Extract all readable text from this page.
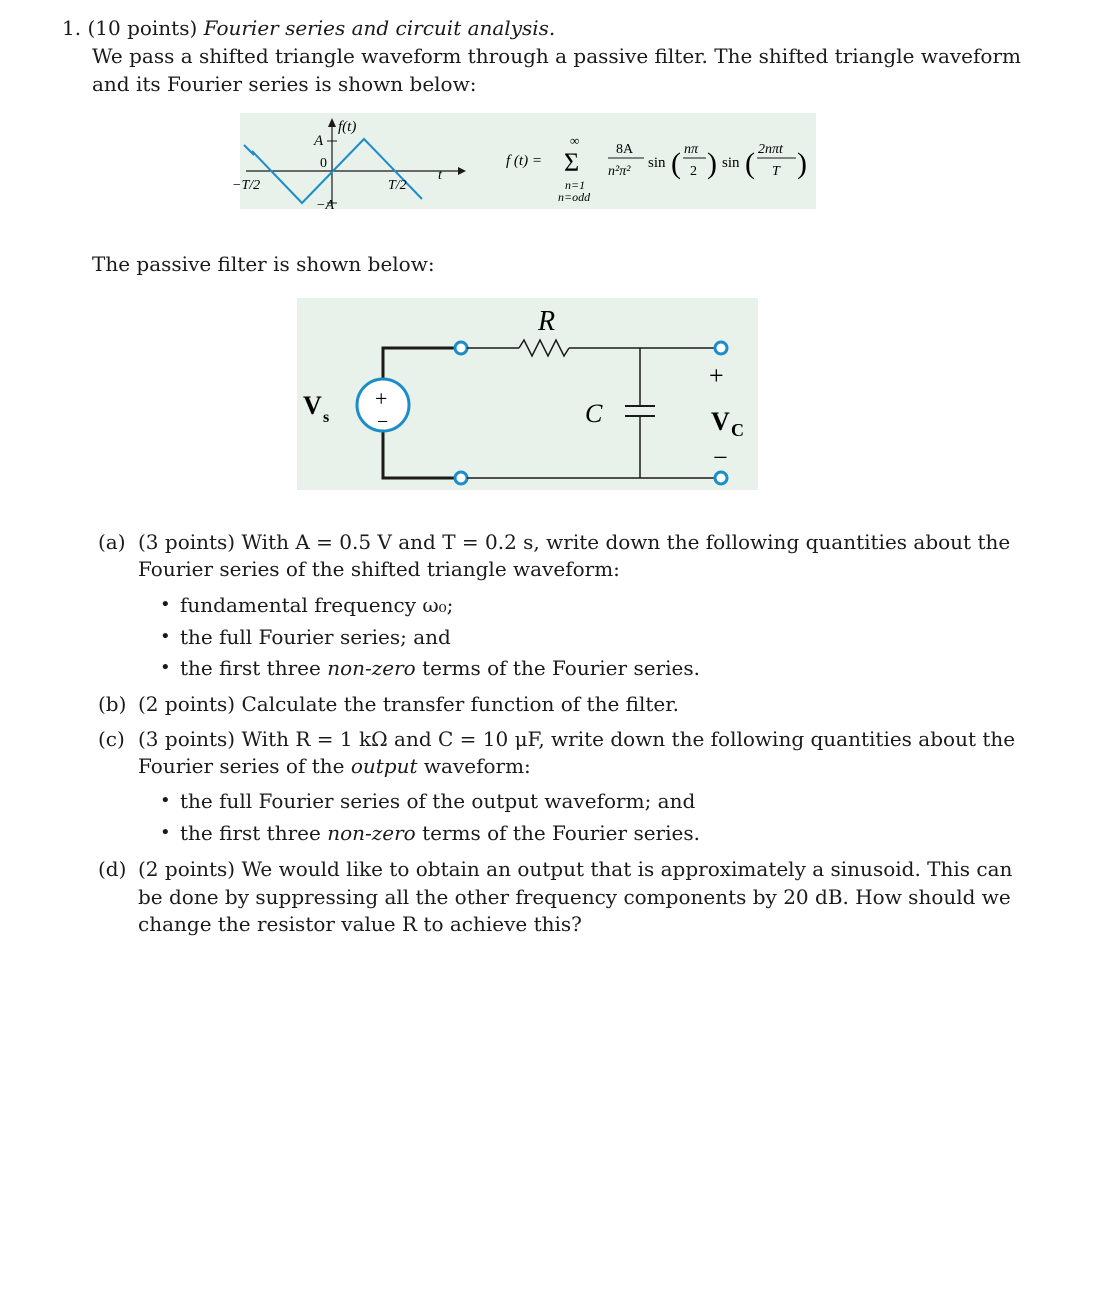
1. (10 points) Fourier series and circuit analysis.
We pass a shifted triangle waveform through a passive filter. The shifted triangle waveform
and its Fourier series is shown below:
f(t)
A
0
−A
−T/2	T/2
t
f (t) = Σ
∞
n=1
n=odd
8A
n²π²
sin ( nπ
2 ) sin ( 2nπt
T )
The passive filter is shown below:
+
−
V s
R
C
+
−
V C
(a) (3 points) With A = 0.5 V and T = 0.2 s, write down the following quantities about the
Fourier series of the shifted triangle waveform:
• fundamental frequency ω₀;
• the full Fourier series; and
• the first three non-zero terms of the Fourier series.
(b) (2 points) Calculate the transfer function of the filter.
(c) (3 points) With R = 1 kΩ and C = 10 μF, write down the following quantities about the
Fourier series of the output waveform:
• the full Fourier series of the output waveform; and
• the first three non-zero terms of the Fourier series.
(d) (2 points) We would like to obtain an output that is approximately a sinusoid. This can
be done by suppressing all the other frequency components by 20 dB. How should we
change the resistor value R to achieve this?
